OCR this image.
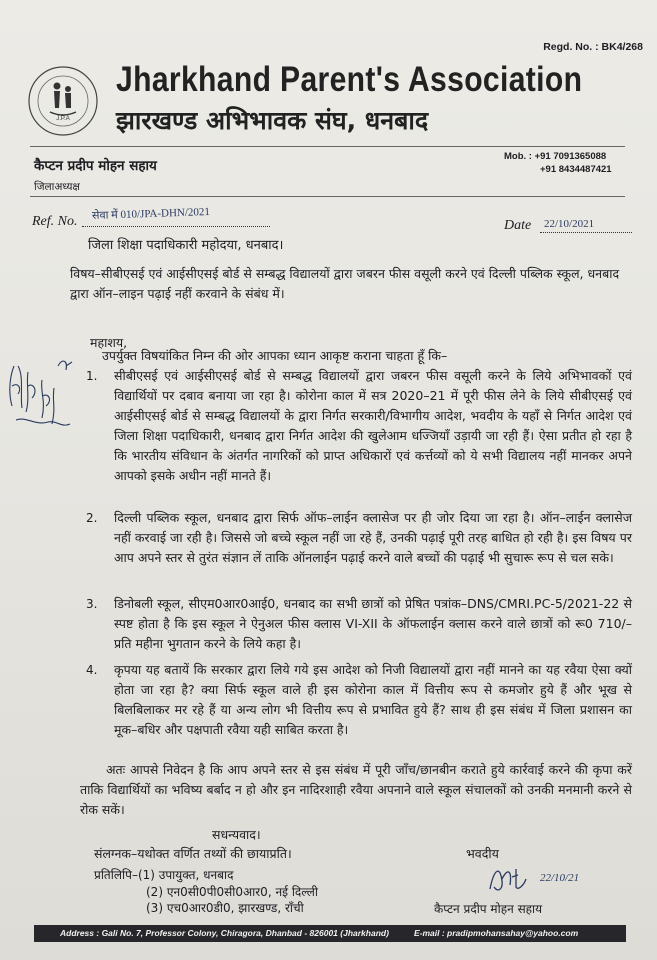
Regd. No. : BK4/268
J.P.A
Jharkhand Parent's Association
झारखण्ड अभिभावक संघ, धनबाद
कैप्टन प्रदीप मोहन सहाय
जिलाअध्यक्ष
Mob. : +91 7091365088
+91 8434487421
Ref. No. सेवा में 010/JPA-DHN/2021
Date 22/10/2021
जिला शिक्षा पदाधिकारी महोदया, धनबाद।
विषय–सीबीएसई एवं आईसीएसई बोर्ड से सम्बद्ध विद्यालयों द्वारा जबरन फीस वसूली करने एवं दिल्ली पब्लिक स्कूल, धनबाद द्वारा ऑन–लाइन पढ़ाई नहीं करवाने के संबंध में।
महाशय,
उपर्युक्त विषयांकित निम्न की ओर आपका ध्यान आकृष्ट कराना चाहता हूँ कि–
1. सीबीएसई एवं आईसीएसई बोर्ड से सम्बद्ध विद्यालयों द्वारा जबरन फीस वसूली करने के लिये अभिभावकों एवं विद्यार्थियों पर दबाव बनाया जा रहा है। कोरोना काल में सत्र 2020–21 में पूरी फीस लेने के लिये सीबीएसई एवं आईसीएसई बोर्ड से सम्बद्ध विद्यालयों के द्वारा निर्गत सरकारी/विभागीय आदेश, भवदीय के यहाँ से निर्गत आदेश एवं जिला शिक्षा पदाधिकारी, धनबाद द्वारा निर्गत आदेश की खुलेआम धज्जियाँ उड़ायी जा रही हैं। ऐसा प्रतीत हो रहा है कि भारतीय संविधान के अंतर्गत नागरिकों को प्राप्त अधिकारों एवं कर्त्तव्यों को ये सभी विद्यालय नहीं मानकर अपने आपको इसके अधीन नहीं मानते हैं।
2. दिल्ली पब्लिक स्कूल, धनबाद द्वारा सिर्फ ऑफ–लाईन क्लासेज पर ही जोर दिया जा रहा है। ऑन–लाईन क्लासेज नहीं करवाई जा रही है। जिससे जो बच्चे स्कूल नहीं जा रहे हैं, उनकी पढ़ाई पूरी तरह बाधित हो रही है। इस विषय पर आप अपने स्तर से तुरंत संज्ञान लें ताकि ऑनलाईन पढ़ाई करने वाले बच्चों की पढ़ाई भी सुचारू रूप से चल सके।
3. डिनोबली स्कूल, सीएम0आर0आई0, धनबाद का सभी छात्रों को प्रेषित पत्रांक–DNS/CMRI.PC-5/2021-22 से स्पष्ट होता है कि इस स्कूल ने ऐनुअल फीस क्लास VI-XII के ऑफलाईन क्लास करने वाले छात्रों को रू0 710/– प्रति महीना भुगतान करने के लिये कहा है।
4. कृपया यह बतायें कि सरकार द्वारा लिये गये इस आदेश को निजी विद्यालयों द्वारा नहीं मानने का यह रवैया ऐसा क्यों होता जा रहा है? क्या सिर्फ स्कूल वाले ही इस कोरोना काल में वित्तीय रूप से कमजोर हुये हैं और भूख से बिलबिलाकर मर रहे हैं या अन्य लोग भी वित्तीय रूप से प्रभावित हुये हैं? साथ ही इस संबंध में जिला प्रशासन का मूक–बधिर और पक्षपाती रवैया यही साबित करता है।
अतः आपसे निवेदन है कि आप अपने स्तर से इस संबंध में पूरी जाँच/छानबीन कराते हुये कार्रवाई करने की कृपा करें ताकि विद्यार्थियों का भविष्य बर्बाद न हो और इन नादिरशाही रवैया अपनाने वाले स्कूल संचालकों को उनकी मनमानी करने से रोक सकें।
सधन्यवाद।
संलग्नक–यथोक्त वर्णित तथ्यों की छायाप्रति।
प्रतिलिपि–(1) उपायुक्त, धनबाद
(2) एन0सी0पी0सी0आर0, नई दिल्ली
(3) एच0आर0डी0, झारखण्ड, राँची
भवदीय
22/10/21
कैप्टन प्रदीप मोहन सहाय
Address : Gali No. 7, Professor Colony, Chiragora, Dhanbad - 826001 (Jharkhand)	E-mail : pradipmohansahay@yahoo.com
